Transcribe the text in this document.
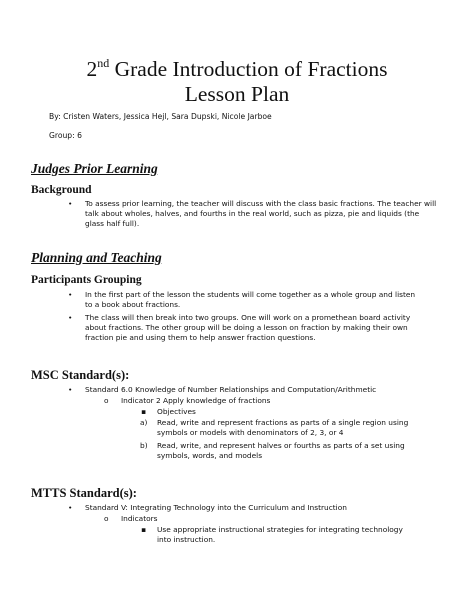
2nd Grade Introduction of Fractions
Lesson Plan
By: Cristen Waters, Jessica Hejl, Sara Dupski, Nicole Jarboe
Group: 6
Judges Prior Learning
Background
• To assess prior learning, the teacher will discuss with the class basic fractions. The teacher will talk about wholes, halves, and fourths in the real world, such as pizza, pie and liquids (the glass half full).
Planning and Teaching
Participants Grouping
• In the first part of the lesson the students will come together as a whole group and listen to a book about fractions.
• The class will then break into two groups. One will work on a promethean board activity about fractions. The other group will be doing a lesson on fraction by making their own fraction pie and using them to help answer fraction questions.
MSC Standard(s):
• Standard 6.0 Knowledge of Number Relationships and Computation/Arithmetic
o Indicator 2 Apply knowledge of fractions
▪ Objectives
a) Read, write and represent fractions as parts of a single region using symbols or models with denominators of 2, 3, or 4
b) Read, write, and represent halves or fourths as parts of a set using symbols, words, and models
MTTS Standard(s):
• Standard V: Integrating Technology into the Curriculum and Instruction
o Indicators
▪ Use appropriate instructional strategies for integrating technology into instruction.
